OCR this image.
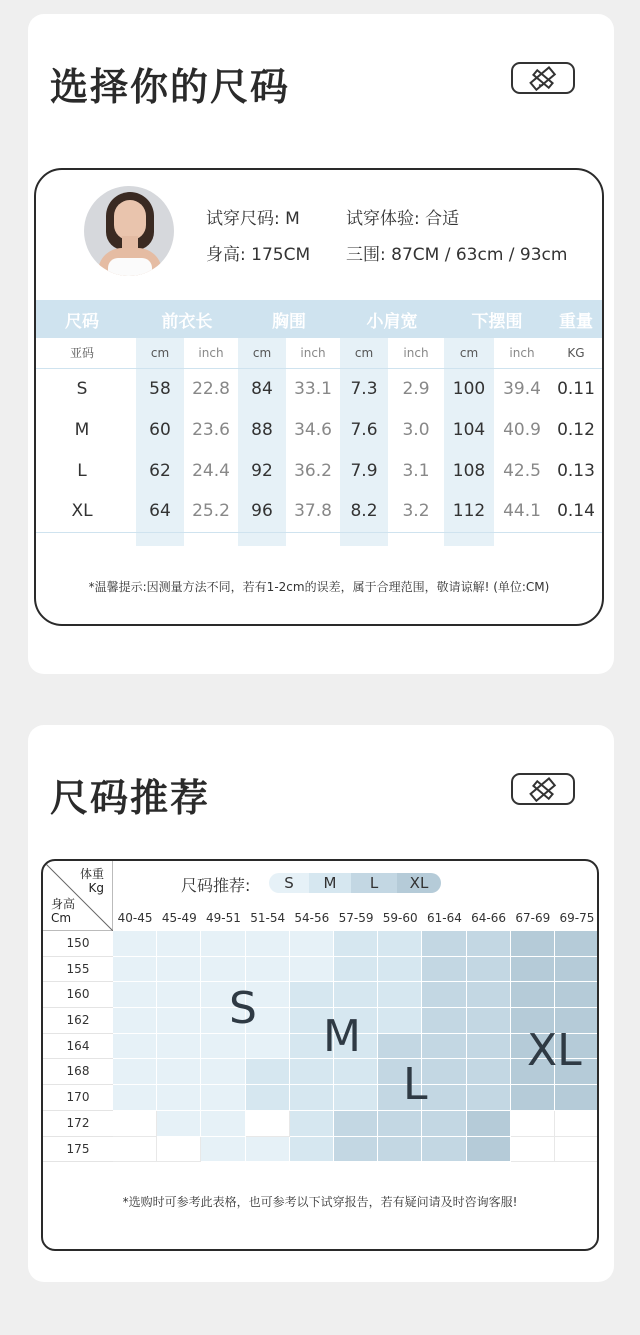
选择你的尺码
试穿尺码: M	试穿体验: 合适
身高: 175CM 三围: 87CM / 63cm / 93cm
尺码		前衣长		胸围		小肩宽		下摆围		重量
亚码		cm	inch	cm	inch	cm	inch	cm	inch	KG
S		58	22.8	84	33.1	7.3	2.9	100	39.4	0.11
M		60	23.6	88	34.6	7.6	3.0	104	40.9	0.12
L		62	24.4	92	36.2	7.9	3.1	108	42.5	0.13
XL		64	25.2	96	37.8	8.2	3.2	112	44.1	0.14

*温馨提示:因测量方法不同，若有1-2cm的误差，属于合理范围，敬请谅解! (单位:CM)
尺码推荐
体重
Kg
身高
Cm
尺码推荐:	S	M	L	XL
40-45 45-49 49-51 51-54 54-56 57-59 59-60 61-64 64-66 67-69 69-75
150
155
160
162
164
168
170
172
175
S
M
L
XL
*选购时可参考此表格，也可参考以下试穿报告，若有疑问请及时咨询客服!
